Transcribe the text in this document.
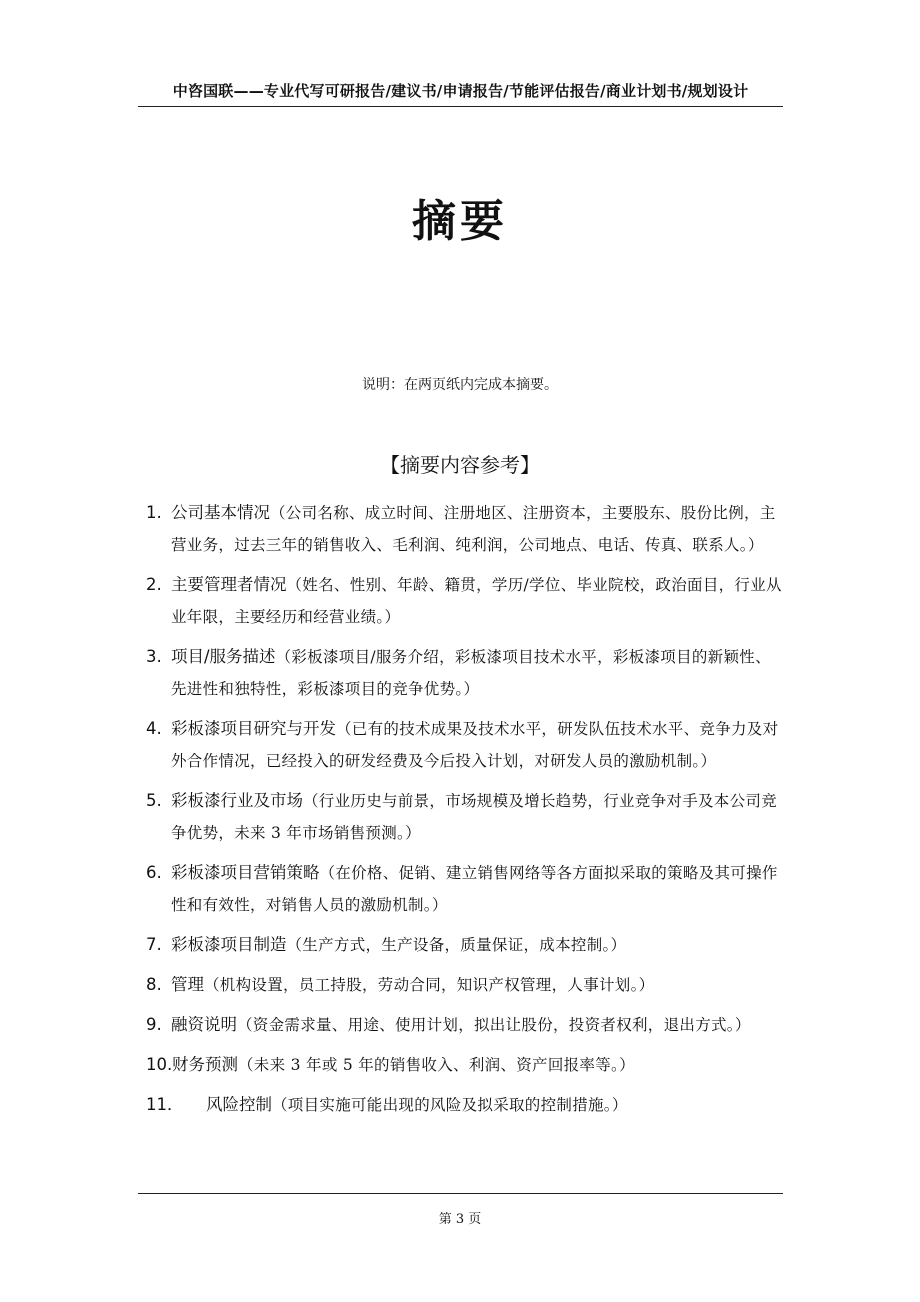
中咨国联——专业代写可研报告/建议书/申请报告/节能评估报告/商业计划书/规划设计
摘要
说明：在两页纸内完成本摘要。
【摘要内容参考】
1. 公司基本情况（公司名称、成立时间、注册地区、注册资本，主要股东、股份比例，主营业务，过去三年的销售收入、毛利润、纯利润，公司地点、电话、传真、联系人。）
2. 主要管理者情况（姓名、性别、年龄、籍贯，学历/学位、毕业院校，政治面目，行业从业年限，主要经历和经营业绩。）
3. 项目/服务描述（彩板漆项目/服务介绍，彩板漆项目技术水平，彩板漆项目的新颖性、先进性和独特性，彩板漆项目的竞争优势。）
4. 彩板漆项目研究与开发（已有的技术成果及技术水平，研发队伍技术水平、竞争力及对外合作情况，已经投入的研发经费及今后投入计划，对研发人员的激励机制。）
5. 彩板漆行业及市场（行业历史与前景，市场规模及增长趋势，行业竞争对手及本公司竞争优势，未来 3 年市场销售预测。）
6. 彩板漆项目营销策略（在价格、促销、建立销售网络等各方面拟采取的策略及其可操作性和有效性，对销售人员的激励机制。）
7. 彩板漆项目制造（生产方式，生产设备，质量保证，成本控制。）
8. 管理（机构设置，员工持股，劳动合同，知识产权管理，人事计划。）
9. 融资说明（资金需求量、用途、使用计划，拟出让股份，投资者权利，退出方式。）
10. 财务预测（未来 3 年或 5 年的销售收入、利润、资产回报率等。）
11． 风险控制（项目实施可能出现的风险及拟采取的控制措施。）
第 3 页
